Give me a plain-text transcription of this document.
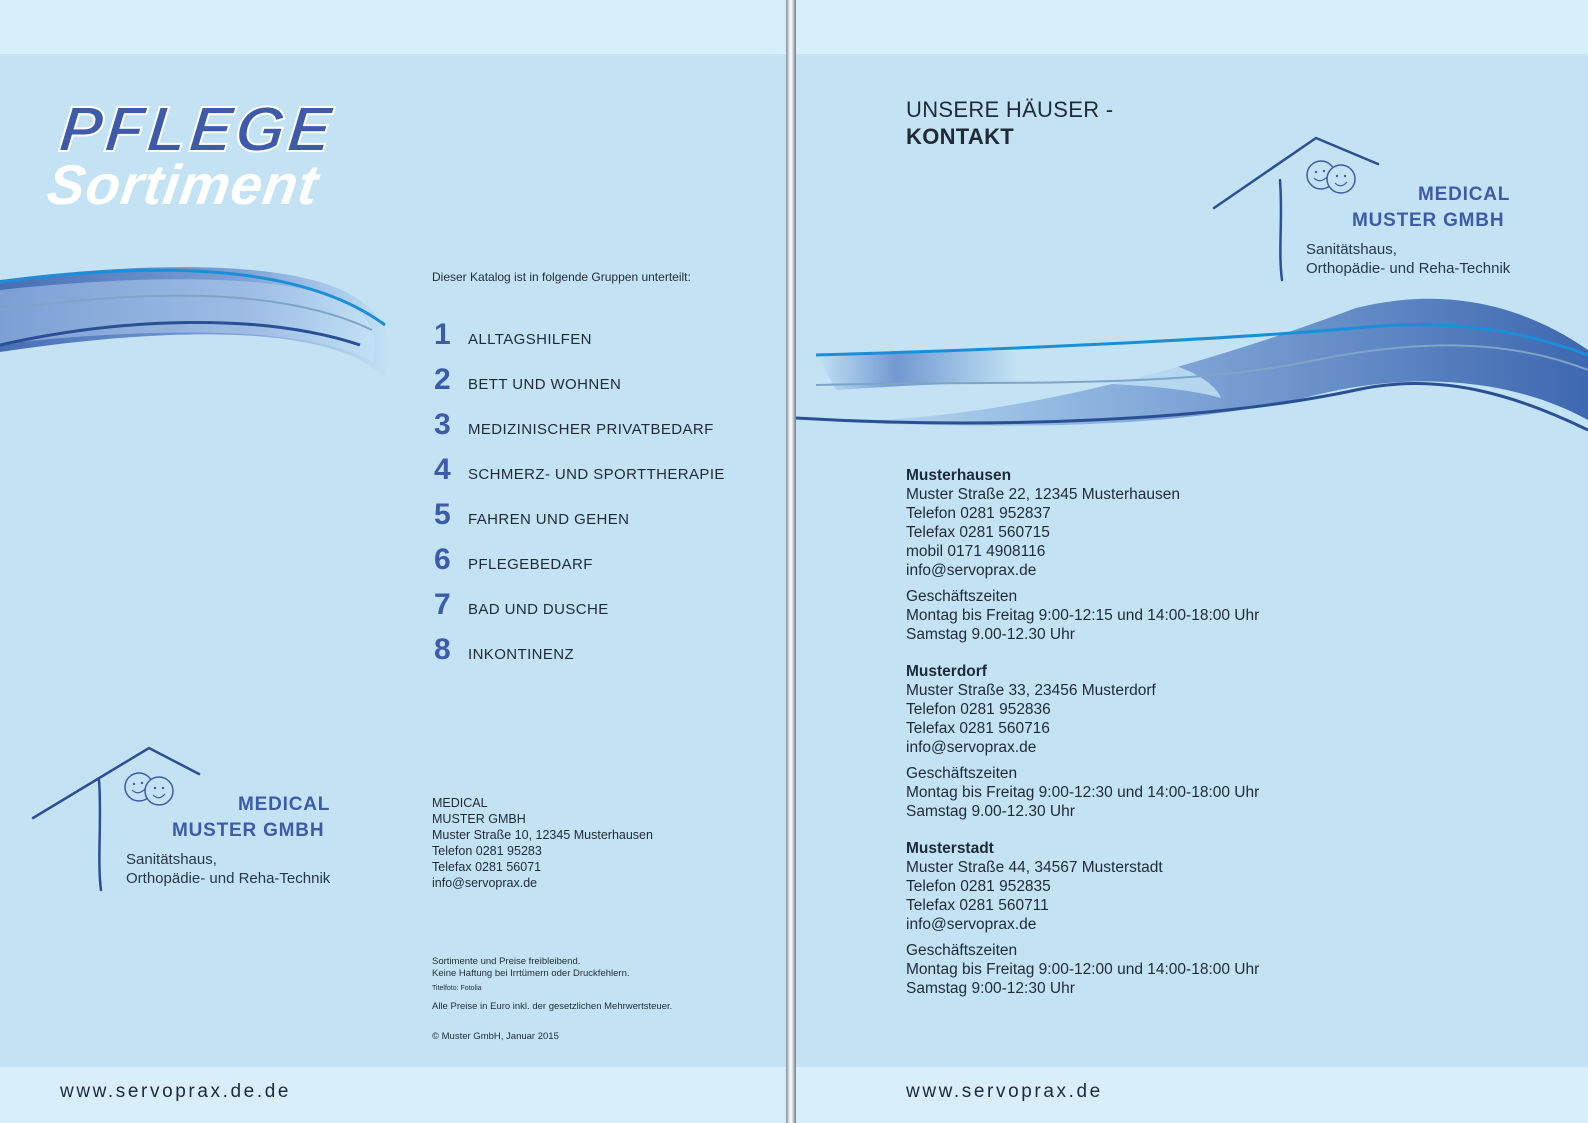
PFLEGE
Sortiment
Dieser Katalog ist in folgende Gruppen unterteilt:
1	ALLTAGSHILFEN
2	BETT UND WOHNEN
3	MEDIZINISCHER PRIVATBEDARF
4	SCHMERZ- UND SPORTTHERAPIE
5	FAHREN UND GEHEN
6	PFLEGEBEDARF
7	BAD UND DUSCHE
8	INKONTINENZ
MEDICAL
MUSTER GMBH
Sanitätshaus,
Orthopädie- und Reha-Technik
MEDICAL
MUSTER GMBH
Muster Straße 10, 12345 Musterhausen
Telefon 0281 95283
Telefax 0281 56071
info@servoprax.de
Sortimente und Preise freibleibend.
Keine Haftung bei Irrtümern oder Druckfehlern.
Titelfoto: Fotolia
Alle Preise in Euro inkl. der gesetzlichen Mehrwertsteuer.
© Muster GmbH, Januar 2015
www.servoprax.de.de
UNSERE HÄUSER -
KONTAKT
MEDICAL
MUSTER GMBH
Sanitätshaus,
Orthopädie- und Reha-Technik
Musterhausen
Muster Straße 22, 12345 Musterhausen
Telefon 0281 952837
Telefax 0281 560715
mobil 0171 4908116
info@servoprax.de
Geschäftszeiten
Montag bis Freitag 9:00-12:15 und 14:00-18:00 Uhr
Samstag 9.00-12.30 Uhr
Musterdorf
Muster Straße 33, 23456 Musterdorf
Telefon 0281 952836
Telefax 0281 560716
info@servoprax.de
Geschäftszeiten
Montag bis Freitag 9:00-12:30 und 14:00-18:00 Uhr
Samstag 9.00-12.30 Uhr
Musterstadt
Muster Straße 44, 34567 Musterstadt
Telefon 0281 952835
Telefax 0281 560711
info@servoprax.de
Geschäftszeiten
Montag bis Freitag 9:00-12:00 und 14:00-18:00 Uhr
Samstag 9:00-12:30 Uhr
www.servoprax.de
